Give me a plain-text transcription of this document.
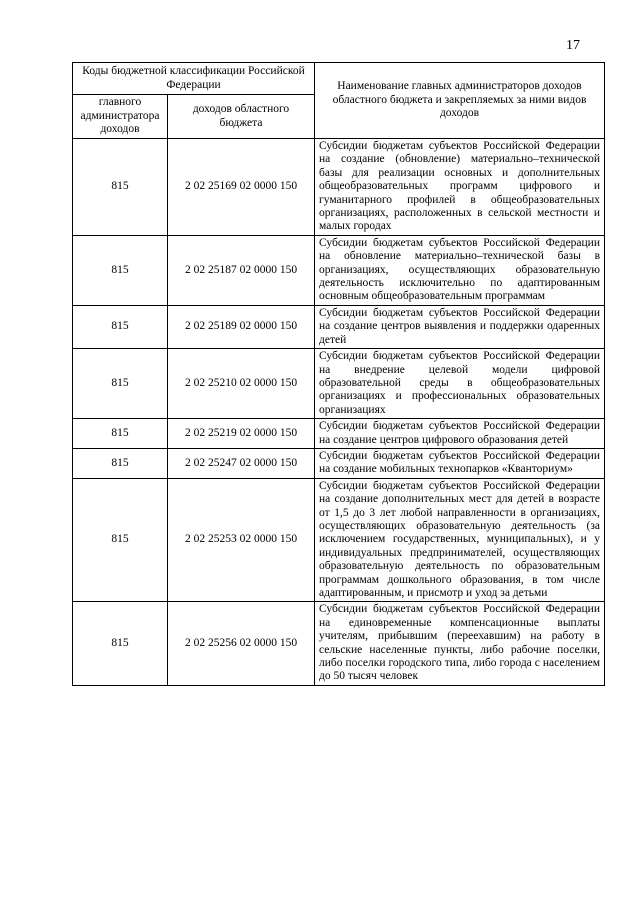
17
Коды бюджетной классификации Российской Федерации		Наименование главных администраторов доходов областного бюджета и закрепляемых за ними видов доходов
главного администратора доходов	доходов областного бюджета	
815	2 02 25169 02 0000 150	Субсидии бюджетам субъектов Российской Федерации на создание (обновление) материально–технической базы для реализации основных и дополнительных общеобразовательных программ цифрового и гуманитарного профилей в общеобразовательных организациях, расположенных в сельской местности и малых городах
815	2 02 25187 02 0000 150	Субсидии бюджетам субъектов Российской Федерации на обновление материально–технической базы в организациях, осуществляющих образовательную деятельность исключительно по адаптированным основным общеобразовательным программам
815	2 02 25189 02 0000 150	Субсидии бюджетам субъектов Российской Федерации на создание центров выявления и поддержки одаренных детей
815	2 02 25210 02 0000 150	Субсидии бюджетам субъектов Российской Федерации на внедрение целевой модели цифровой образовательной среды в общеобразовательных организациях и профессиональных образовательных организациях
815	2 02 25219 02 0000 150	Субсидии бюджетам субъектов Российской Федерации на создание центров цифрового образования детей
815	2 02 25247 02 0000 150	Субсидии бюджетам субъектов Российской Федерации на создание мобильных технопарков «Кванториум»
815	2 02 25253 02 0000 150	Субсидии бюджетам субъектов Российской Федерации на создание дополнительных мест для детей в возрасте от 1,5 до 3 лет любой направленности в организациях, осуществляющих образовательную деятельность (за исключением государственных, муниципальных), и у индивидуальных предпринимателей, осуществляющих образовательную деятельность по образовательным программам дошкольного образования, в том числе адаптированным, и присмотр и уход за детьми
815	2 02 25256 02 0000 150	Субсидии бюджетам субъектов Российской Федерации на единовременные компенсационные выплаты учителям, прибывшим (переехавшим) на работу в сельские населенные пункты, либо рабочие поселки, либо поселки городского типа, либо города с населением до 50 тысяч человек
